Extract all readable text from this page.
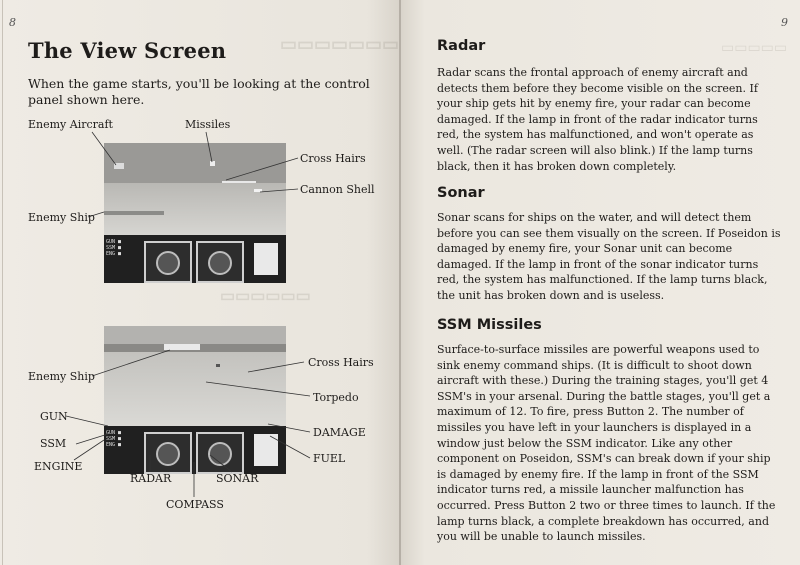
8
▭▭▭▭▭▭▭
▭▭▭▭▭▭
The View Screen

When the game starts, you'll be looking at the control panel shown here.

GUN ■
SSM ■
ENG ■
GUN ■
SSM ■
ENG ■
Enemy Aircraft	Missiles
Cross Hairs
Cannon Shell
Enemy Ship
Enemy Ship
Cross Hairs
Torpedo
GUN
SSM
ENGINE
RADAR	SONAR
COMPASS
DAMAGE
FUEL
9
▭▭▭▭▭
Radar

Radar scans the frontal approach of enemy aircraft and detects them before they become visible on the screen. If your ship gets hit by enemy fire, your radar can become damaged. If the lamp in front of the radar indicator turns red, the system has malfunctioned, and won't operate as well. (The radar screen will also blink.) If the lamp turns black, then it has broken down completely.

Sonar

Sonar scans for ships on the water, and will detect them before you can see them visually on the screen. If Poseidon is damaged by enemy fire, your Sonar unit can become damaged. If the lamp in front of the sonar indicator turns red, the system has malfunctioned. If the lamp turns black, the unit has broken down and is useless.

SSM Missiles

Surface-to-surface missiles are powerful weapons used to sink enemy command ships. (It is difficult to shoot down aircraft with these.) During the training stages, you'll get 4 SSM's in your arsenal. During the battle stages, you'll get a maximum of 12. To fire, press Button 2. The number of missiles you have left in your launchers is displayed in a window just below the SSM indicator. Like any other component on Poseidon, SSM's can break down if your ship is damaged by enemy fire. If the lamp in front of the SSM indicator turns red, a missile launcher malfunction has occurred. Press Button 2 two or three times to launch. If the lamp turns black, a complete breakdown has occurred, and you will be unable to launch missiles.
